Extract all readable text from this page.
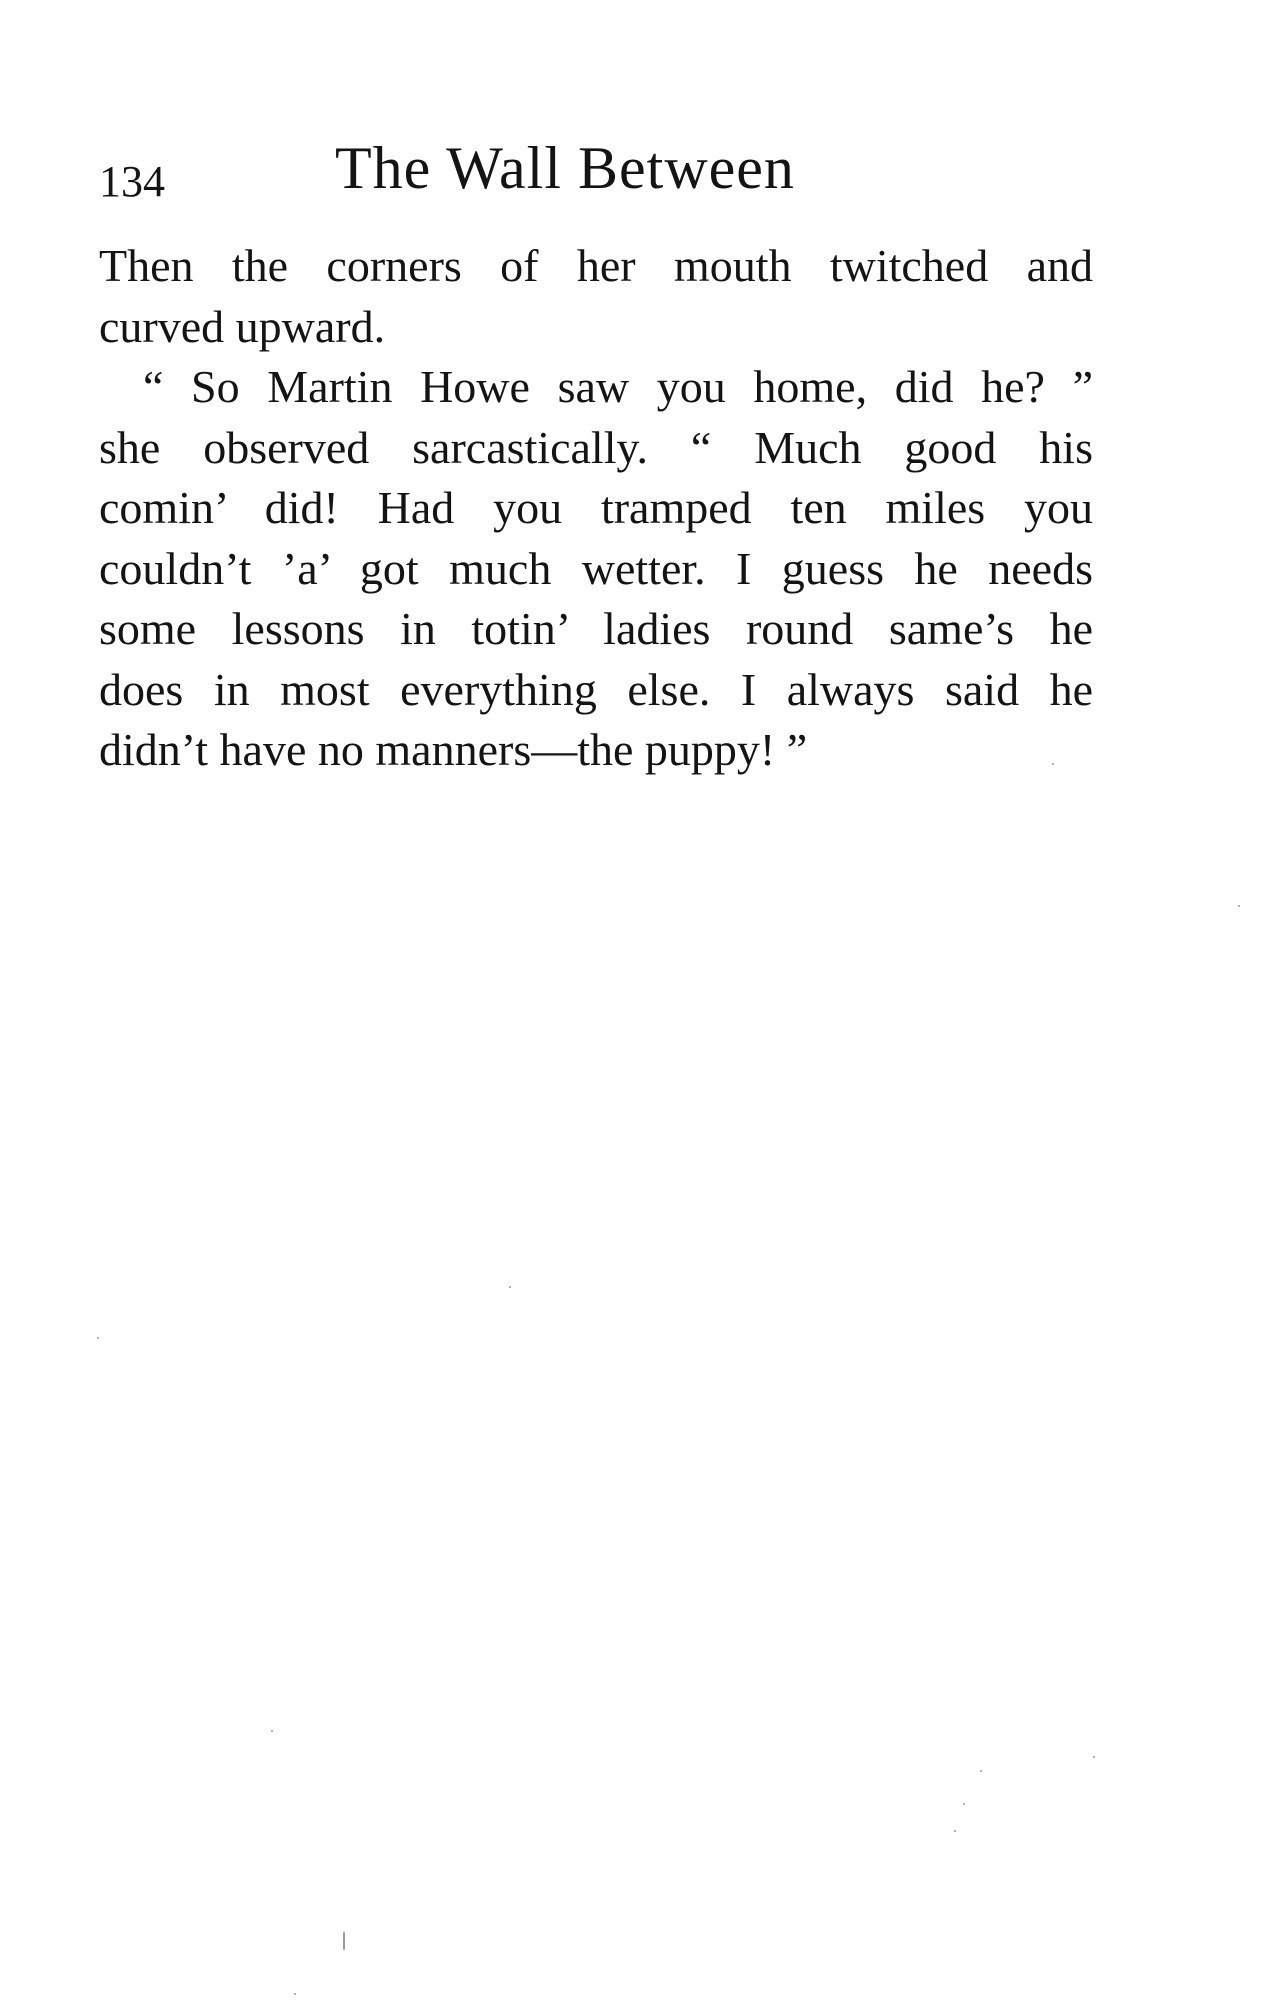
134	The Wall Between

Then the corners of her mouth twitched and
curved upward.

“ So Martin Howe saw you home, did he? ”
she observed sarcastically. “ Much good his
comin’ did! Had you tramped ten miles you
couldn’t ’a’ got much wetter. I guess he needs
some lessons in totin’ ladies round same’s he
does in most everything else. I always said he
didn’t have no manners—the puppy! ”
